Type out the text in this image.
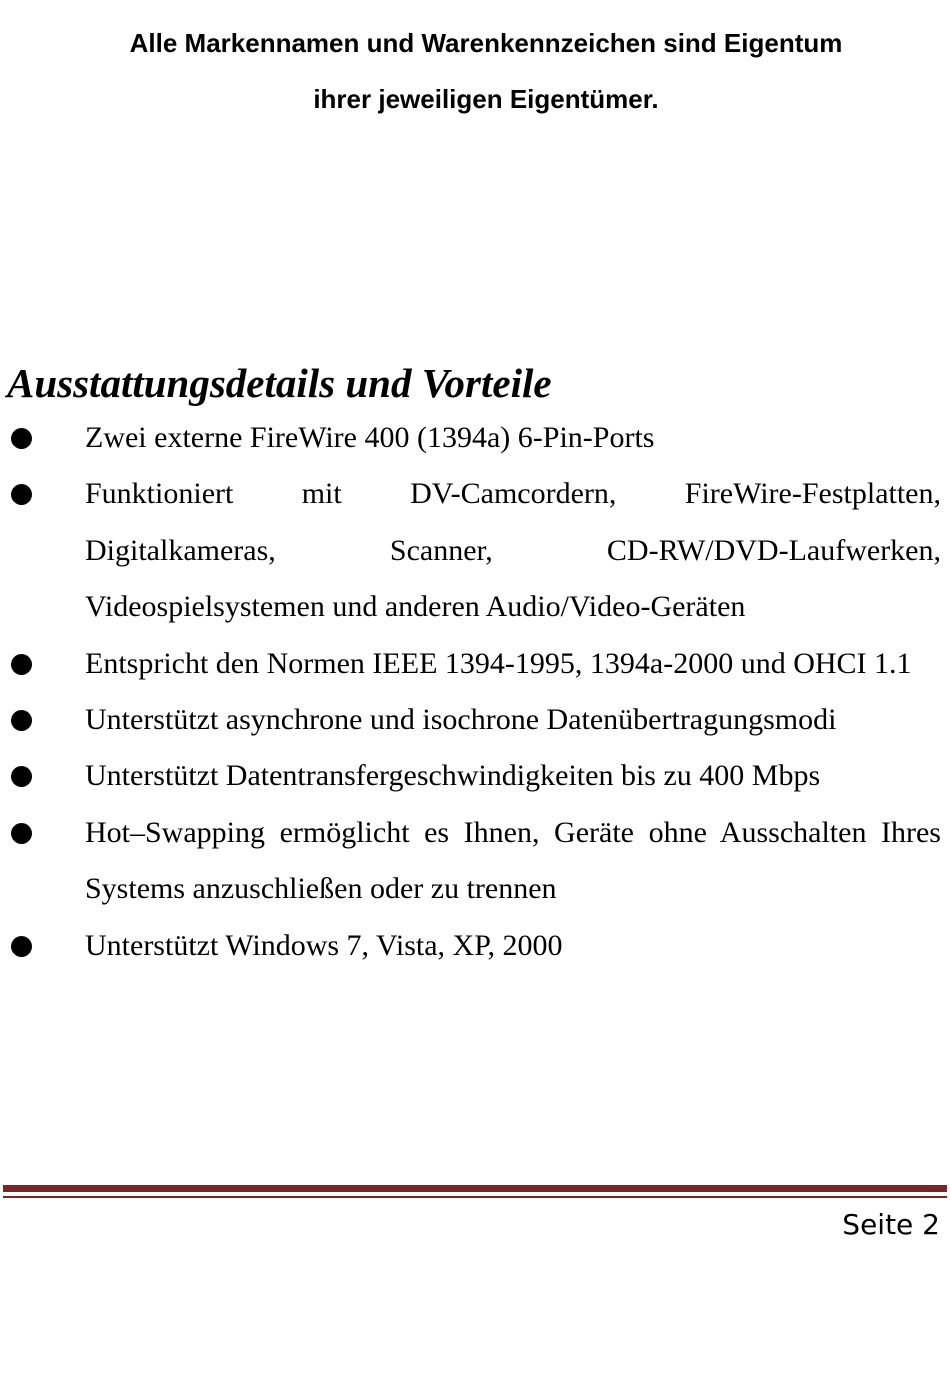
Alle Markennamen und Warenkennzeichen sind Eigentum
ihrer jeweiligen Eigentümer.
Ausstattungsdetails und Vorteile
Zwei externe FireWire 400 (1394a) 6-Pin-Ports
Funktioniert mit DV-Camcordern, FireWire-Festplatten, Digitalkameras, Scanner, CD-RW/DVD-Laufwerken, Videospielsystemen und anderen Audio/Video-Geräten
Entspricht den Normen IEEE 1394-1995, 1394a-2000 und OHCI 1.1
Unterstützt asynchrone und isochrone Datenübertragungsmodi
Unterstützt Datentransfergeschwindigkeiten bis zu 400 Mbps
Hot–Swapping ermöglicht es Ihnen, Geräte ohne Ausschalten Ihres Systems anzuschließen oder zu trennen
Unterstützt Windows 7, Vista, XP, 2000
Seite 2
